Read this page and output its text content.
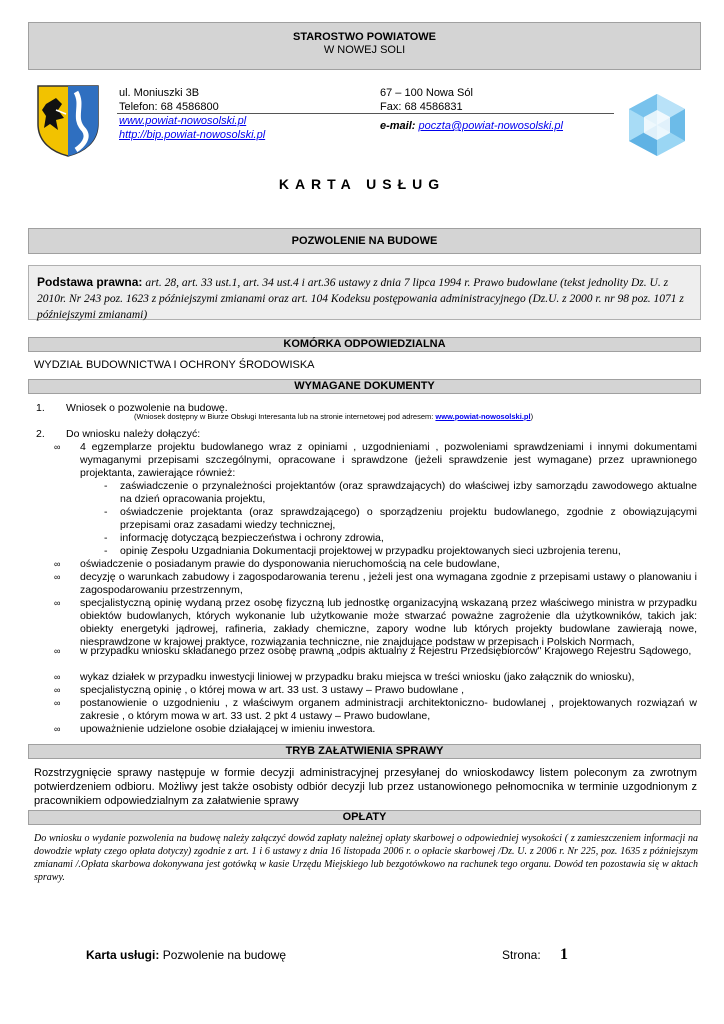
STAROSTWO POWIATOWE
W NOWEJ SOLI
ul. Moniuszki 3B
Telefon: 68 4586800
www.powiat-nowosolski.pl
http://bip.powiat-nowosolski.pl
67 – 100 Nowa Sól
Fax: 68 4586831
e-mail: poczta@powiat-nowosolski.pl
KARTA USŁUG
POZWOLENIE NA BUDOWE
Podstawa prawna: art. 28, art. 33 ust.1, art. 34 ust.4 i art.36 ustawy z dnia 7 lipca 1994 r. Prawo budowlane (tekst jednolity Dz. U. z 2010r. Nr 243 poz. 1623 z późniejszymi zmianami oraz art. 104 Kodeksu postępowania administracyjnego (Dz.U. z 2000 r. nr 98 poz. 1071 z późniejszymi zmianami)
KOMÓRKA ODPOWIEDZIALNA
WYDZIAŁ BUDOWNICTWA I OCHRONY ŚRODOWISKA
WYMAGANE DOKUMENTY
1. Wniosek o pozwolenie na budowę.
(Wniosek dostępny w Biurze Obsługi Interesanta lub na stronie internetowej pod adresem: www.powiat-nowosolski.pl)
2. Do wniosku należy dołączyć:
∞ 4 egzemplarze projektu budowlanego wraz z opiniami , uzgodnieniami , pozwoleniami sprawdzeniami i innymi dokumentami wymaganymi przepisami szczególnymi, opracowane i sprawdzone (jeżeli sprawdzenie jest wymagane) przez uprawnionego projektanta, zawierające również:
- zaświadczenie o przynależności projektantów (oraz sprawdzających) do właściwej izby samorządu zawodowego aktualne na dzień opracowania projektu,
- oświadczenie projektanta (oraz sprawdzającego) o sporządzeniu projektu budowlanego, zgodnie z obowiązującymi przepisami oraz zasadami wiedzy technicznej,
- informację dotyczącą bezpieczeństwa i ochrony zdrowia,
- opinię Zespołu Uzgadniania Dokumentacji projektowej w przypadku projektowanych sieci uzbrojenia terenu,
∞ oświadczenie o posiadanym prawie do dysponowania nieruchomością na cele budowlane,
∞ decyzję o warunkach zabudowy i zagospodarowania terenu , jeżeli jest ona wymagana zgodnie z przepisami ustawy o planowaniu i zagospodarowaniu przestrzennym,
∞ specjalistyczną opinię wydaną przez osobę fizyczną lub jednostkę organizacyjną wskazaną przez właściwego ministra w przypadku obiektów budowlanych, których wykonanie lub użytkowanie może stwarzać poważne zagrożenie dla użytkowników, takich jak: obiekty energetyki jądrowej, rafineria, zakłady chemiczne, zapory wodne lub których projekty budowlane zawierają nowe, niesprawdzone w krajowej praktyce, rozwiązania techniczne, nie znajdujące podstaw w przepisach i Polskich Normach,
∞ w przypadku wniosku składanego przez osobę prawną „odpis aktualny z Rejestru Przedsiębiorców" Krajowego Rejestru Sądowego,
∞ wykaz działek w przypadku inwestycji liniowej w przypadku braku miejsca w treści wniosku (jako załącznik do wniosku),
∞ specjalistyczną opinię , o której mowa w art. 33 ust. 3 ustawy – Prawo budowlane ,
∞ postanowienie o uzgodnieniu , z właściwym organem administracji architektoniczno- budowlanej , projektowanych rozwiązań w zakresie , o którym mowa w art. 33 ust. 2 pkt 4 ustawy – Prawo budowlane,
∞ upoważnienie udzielone osobie działającej w imieniu inwestora.
TRYB ZAŁATWIENIA SPRAWY
Rozstrzygnięcie sprawy następuje w formie decyzji administracyjnej przesyłanej do wnioskodawcy listem poleconym za zwrotnym potwierdzeniem odbioru. Możliwy jest także osobisty odbiór decyzji lub przez ustanowionego pełnomocnika w terminie uzgodnionym z pracownikiem odpowiedzialnym za załatwienie sprawy
OPŁATY
Do wniosku o wydanie pozwolenia na budowę należy załączyć dowód zapłaty należnej opłaty skarbowej o odpowiedniej wysokości ( z zamieszczeniem informacji na dowodzie wpłaty czego opłata dotyczy) zgodnie z art. 1 i 6 ustawy z dnia 16 listopada 2006 r. o opłacie skarbowej /Dz. U. z 2006 r. Nr 225, poz. 1635 z późniejszym zmianami /.Opłata skarbowa dokonywana jest gotówką w kasie Urzędu Miejskiego lub bezgotówkowo na rachunek tego organu. Dowód ten pozostawia się w aktach sprawy.
Karta usługi: Pozwolenie na budowę	Strona: 1
